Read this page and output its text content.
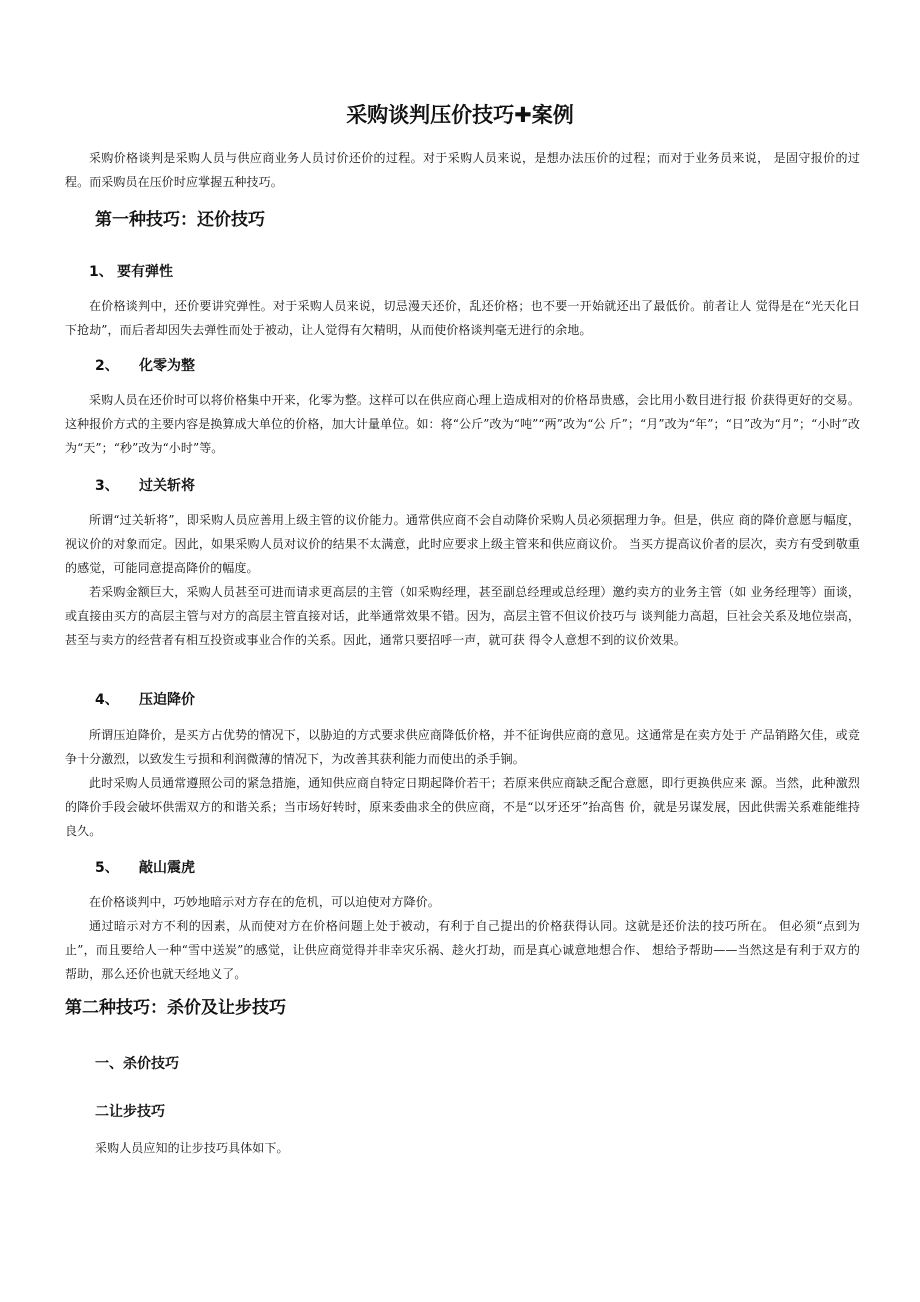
采购谈判压价技巧✚案例

采购价格谈判是采购人员与供应商业务人员讨价还价的过程。对于采购人员来说，是想办法压价的过程；而对于业务员来说， 是固守报价的过程。而采购员在压价时应掌握五种技巧。

第一种技巧：还价技巧
1、 要有弹性

在价格谈判中，还价要讲究弹性。对于采购人员来说，切忌漫天还价，乱还价格；也不要一开始就还出了最低价。前者让人 觉得是在“光天化日下抢劫”，而后者却因失去弹性而处于被动，让人觉得有欠精明，从而使价格谈判毫无进行的余地。

2、 化零为整

采购人员在还价时可以将价格集中开来，化零为整。这样可以在供应商心理上造成相对的价格昂贵感，会比用小数目进行报 价获得更好的交易。这种报价方式的主要内容是换算成大单位的价格，加大计量单位。如：将“公斤”改为“吨”“两”改为“公 斤”；“月”改为“年”；“日”改为“月”；“小时”改为“天”；“秒”改为“小时”等。

3、 过关斩将

所谓“过关斩将”，即采购人员应善用上级主管的议价能力。通常供应商不会自动降价采购人员必须据理力争。但是，供应 商的降价意愿与幅度，视议价的对象而定。因此，如果采购人员对议价的结果不太满意，此时应要求上级主管来和供应商议价。 当买方提高议价者的层次，卖方有受到敬重的感觉，可能同意提高降价的幅度。

若采购金额巨大，采购人员甚至可进而请求更高层的主管（如采购经理，甚至副总经理或总经理）邀约卖方的业务主管（如 业务经理等）面谈，或直接由买方的高层主管与对方的高层主管直接对话，此举通常效果不错。因为，高层主管不但议价技巧与 谈判能力高超，巨社会关系及地位崇高，甚至与卖方的经营者有相互投资或事业合作的关系。因此，通常只要招呼一声，就可获 得令人意想不到的议价效果。

4、 压迫降价

所谓压迫降价，是买方占优势的情况下，以胁迫的方式要求供应商降低价格，并不征询供应商的意见。这通常是在卖方处于 产品销路欠佳，或竞争十分激烈，以致发生亏损和利润微薄的情况下，为改善其获利能力而使出的杀手锏。

此时采购人员通常遵照公司的紧急措施，通知供应商自特定日期起降价若干；若原来供应商缺乏配合意愿，即行更换供应来 源。当然，此种激烈的降价手段会破坏供需双方的和谐关系；当市场好转时，原来委曲求全的供应商，不是“以牙还牙”抬高售 价，就是另谋发展，因此供需关系难能维持良久。

5、 敲山震虎

在价格谈判中，巧妙地暗示对方存在的危机，可以迫使对方降价。

通过暗示对方不利的因素，从而使对方在价格问题上处于被动，有利于自己提出的价格获得认同。这就是还价法的技巧所在。 但必须“点到为止”，而且要给人一种“雪中送炭”的感觉，让供应商觉得并非幸灾乐祸、趁火打劫，而是真心诚意地想合作、 想给予帮助——当然这是有利于双方的帮助，那么还价也就天经地义了。

第二种技巧：杀价及让步技巧
一、杀价技巧
二让步技巧

采购人员应知的让步技巧具体如下。
